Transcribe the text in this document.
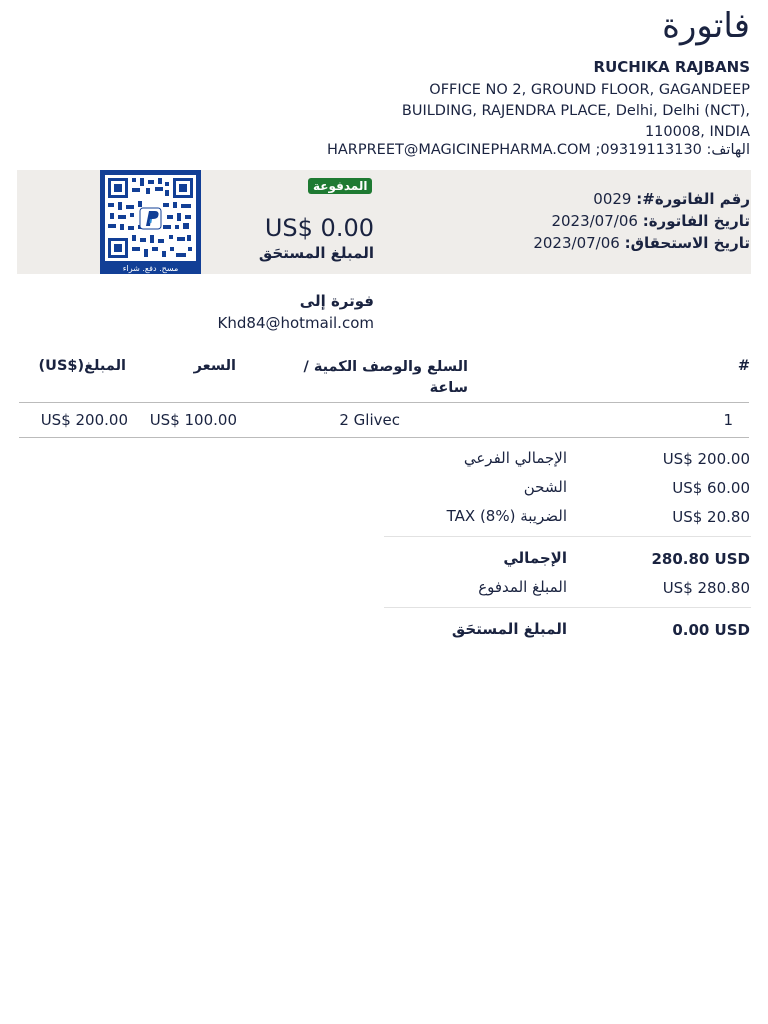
فاتورة
RUCHIKA RAJBANS
OFFICE NO 2, GROUND FLOOR, GAGANDEEP BUILDING, RAJENDRA PLACE, Delhi, Delhi (NCT), 110008, INDIA
الهاتف: 09319113130; HARPREET@MAGICINEPHARMA.COM
مسح. دفع. شراء
المدفوعة
US$ 0.00
المبلغ المستحَق
رقم الفاتورة#: 0029
تاريخ الفاتورة: 2023/07/06
تاريخ الاستحقاق: 2023/07/06
فوترة إلى
Khd84@hotmail.com
#
السلع والوصف الكمية / ساعة
السعر
المبلغ($US)
1
2 Glivec
US$ 100.00
US$ 200.00
US$ 200.00
الإجمالي الفرعي
US$ 60.00
الشحن
US$ 20.80
الضريبة TAX (8%)
280.80 USD
الإجمالي
US$ 280.80
المبلغ المدفوع
0.00 USD
المبلغ المستحَق
